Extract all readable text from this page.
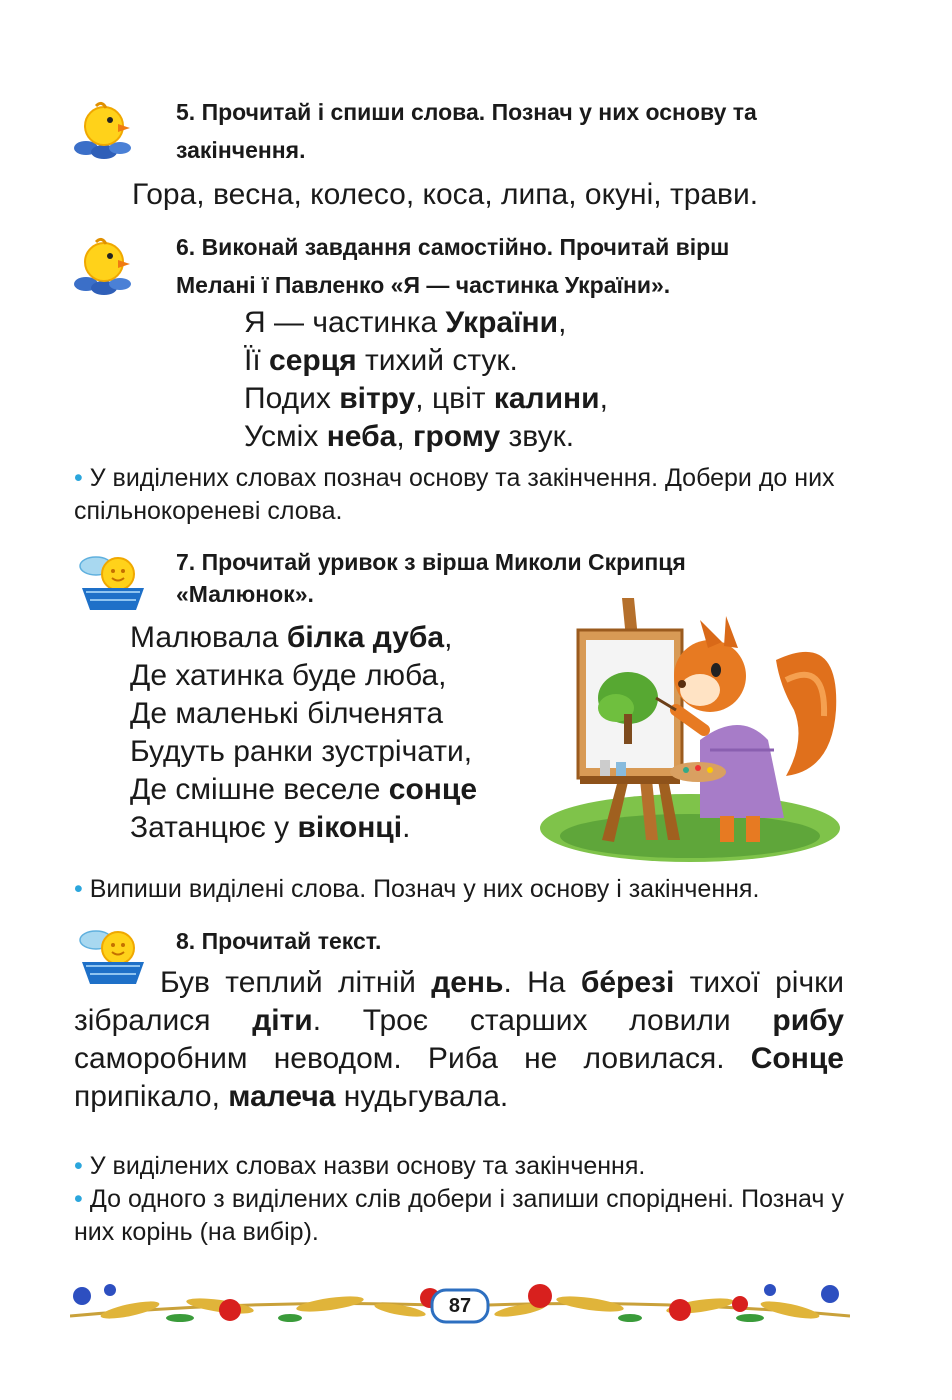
5. Прочитай і спиши слова. Познач у них основу та закінчення.
Гора, весна, колесо, коса, липа, окуні, трави.
6. Виконай завдання самостійно. Прочитай вірш
Мелані ї Павленко «Я — частинка України».
Я — частинка України,
Її серця тихий стук.
Подих вітру, цвіт калини,
Усміх неба, грому звук.
• У виділених словах познач основу та закінчення. Добери до них спільнокореневі слова.
7. Прочитай уривок з вірша Миколи Скрипця
«Малюнок».
Малювала білка дуба,
Де хатинка буде люба,
Де маленькі білченята
Будуть ранки зустрічати,
Де смішне веселе сонце
Затанцює у віконці.
• Випиши виділені слова. Познач у них основу і закінчення.
8. Прочитай текст.
Був теплий літній день. На бéрезі тихої річки зібралися діти. Троє старших ловили рибу саморобним неводом. Риба не ловилася. Сонце припікало, малеча нудьгувала.
• У виділених словах назви основу та закінчення.
• До одного з виділених слів добери і запиши споріднені. Познач у них корінь (на вибір).
87
